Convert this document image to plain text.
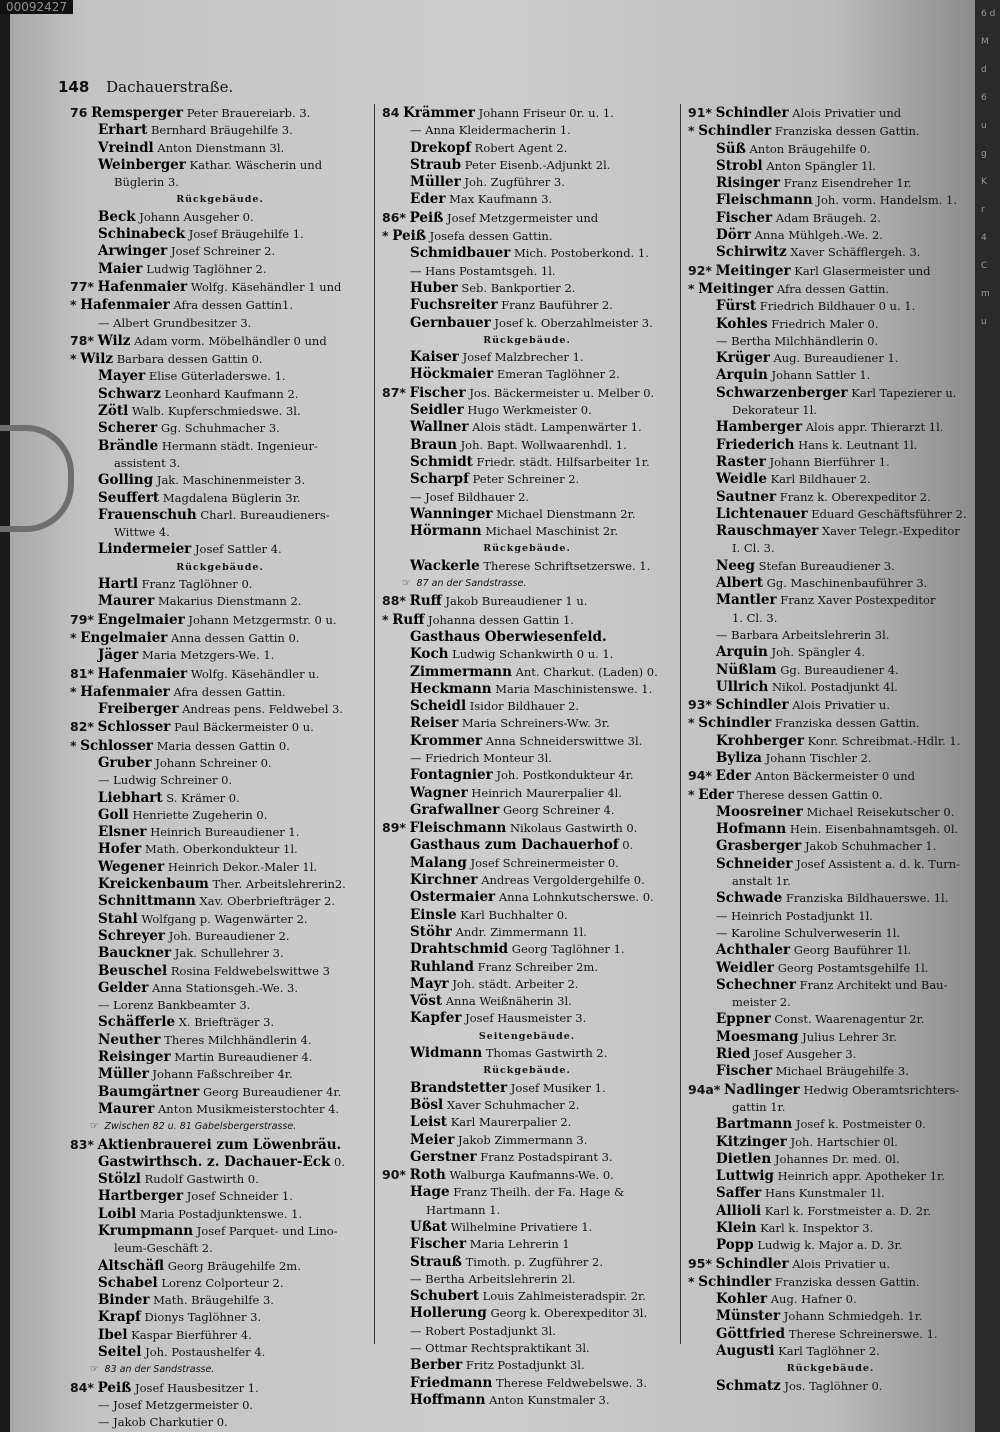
6 d
M
d
6
u
g
K
r
4
C
m
u
00092427
148 Dachauerstraße.
76 Remsperger Peter Brauereiarb. 3.
Erhart Bernhard Bräugehilfe 3.
Vreindl Anton Dienstmann 3l.
Weinberger Kathar. Wäscherin und
Büglerin 3.
Rückgebäude.
Beck Johann Ausgeher 0.
Schinabeck Josef Bräugehilfe 1.
Arwinger Josef Schreiner 2.
Maier Ludwig Taglöhner 2.
77* Hafenmaier Wolfg. Käsehändler 1 und
* Hafenmaier Afra dessen Gattin1.
— Albert Grundbesitzer 3.
78* Wilz Adam vorm. Möbelhändler 0 und
* Wilz Barbara dessen Gattin 0.
Mayer Elise Güterladerswe. 1.
Schwarz Leonhard Kaufmann 2.
Zötl Walb. Kupferschmiedswe. 3l.
Scherer Gg. Schuhmacher 3.
Brändle Hermann städt. Ingenieur-
assistent 3.
Golling Jak. Maschinenmeister 3.
Seuffert Magdalena Büglerin 3r.
Frauenschuh Charl. Bureaudieners-
Wittwe 4.
Lindermeier Josef Sattler 4.
Rückgebäude.
Hartl Franz Taglöhner 0.
Maurer Makarius Dienstmann 2.
79* Engelmaier Johann Metzgermstr. 0 u.
* Engelmaier Anna dessen Gattin 0.
Jäger Maria Metzgers-We. 1.
81* Hafenmaier Wolfg. Käsehändler u.
* Hafenmaier Afra dessen Gattin.
Freiberger Andreas pens. Feldwebel 3.
82* Schlosser Paul Bäckermeister 0 u.
* Schlosser Maria dessen Gattin 0.
Gruber Johann Schreiner 0.
— Ludwig Schreiner 0.
Liebhart S. Krämer 0.
Goll Henriette Zugeherin 0.
Elsner Heinrich Bureaudiener 1.
Hofer Math. Oberkondukteur 1l.
Wegener Heinrich Dekor.-Maler 1l.
Kreickenbaum Ther. Arbeitslehrerin2.
Schnittmann Xav. Oberbriefträger 2.
Stahl Wolfgang p. Wagenwärter 2.
Schreyer Joh. Bureaudiener 2.
Bauckner Jak. Schullehrer 3.
Beuschel Rosina Feldwebelswittwe 3
Gelder Anna Stationsgeh.-We. 3.
— Lorenz Bankbeamter 3.
Schäfferle X. Briefträger 3.
Neuther Theres Milchhändlerin 4.
Reisinger Martin Bureaudiener 4.
Müller Johann Faßschreiber 4r.
Baumgärtner Georg Bureaudiener 4r.
Maurer Anton Musikmeisterstochter 4.
☞ Zwischen 82 u. 81 Gabelsbergerstrasse.
83* Aktienbrauerei zum Löwenbräu.
Gastwirthsch. z. Dachauer-Eck 0.
Stölzl Rudolf Gastwirth 0.
Hartberger Josef Schneider 1.
Loibl Maria Postadjunktenswe. 1.
Krumpmann Josef Parquet- und Lino-
leum-Geschäft 2.
Altschäfl Georg Bräugehilfe 2m.
Schabel Lorenz Colporteur 2.
Binder Math. Bräugehilfe 3.
Krapf Dionys Taglöhner 3.
Ibel Kaspar Bierführer 4.
Seitel Joh. Postaushelfer 4.
☞ 83 an der Sandstrasse.
84* Peiß Josef Hausbesitzer 1.
— Josef Metzgermeister 0.
— Jakob Charkutier 0.
84 Krämmer Johann Friseur 0r. u. 1.
— Anna Kleidermacherin 1.
Drekopf Robert Agent 2.
Straub Peter Eisenb.-Adjunkt 2l.
Müller Joh. Zugführer 3.
Eder Max Kaufmann 3.
86* Peiß Josef Metzgermeister und
* Peiß Josefa dessen Gattin.
Schmidbauer Mich. Postoberkond. 1.
— Hans Postamtsgeh. 1l.
Huber Seb. Bankportier 2.
Fuchsreiter Franz Bauführer 2.
Gernbauer Josef k. Oberzahlmeister 3.
Rückgebäude.
Kaiser Josef Malzbrecher 1.
Höckmaier Emeran Taglöhner 2.
87* Fischer Jos. Bäckermeister u. Melber 0.
Seidler Hugo Werkmeister 0.
Wallner Alois städt. Lampenwärter 1.
Braun Joh. Bapt. Wollwaarenhdl. 1.
Schmidt Friedr. städt. Hilfsarbeiter 1r.
Scharpf Peter Schreiner 2.
— Josef Bildhauer 2.
Wanninger Michael Dienstmann 2r.
Hörmann Michael Maschinist 2r.
Rückgebäude.
Wackerle Therese Schriftsetzerswe. 1.
☞ 87 an der Sandstrasse.
88* Ruff Jakob Bureaudiener 1 u.
* Ruff Johanna dessen Gattin 1.
Gasthaus Oberwiesenfeld.
Koch Ludwig Schankwirth 0 u. 1.
Zimmermann Ant. Charkut. (Laden) 0.
Heckmann Maria Maschinistenswe. 1.
Scheidl Isidor Bildhauer 2.
Reiser Maria Schreiners-Ww. 3r.
Krommer Anna Schneiderswittwe 3l.
— Friedrich Monteur 3l.
Fontagnier Joh. Postkondukteur 4r.
Wagner Heinrich Maurerpalier 4l.
Grafwallner Georg Schreiner 4.
89* Fleischmann Nikolaus Gastwirth 0.
Gasthaus zum Dachauerhof 0.
Malang Josef Schreinermeister 0.
Kirchner Andreas Vergoldergehilfe 0.
Ostermaier Anna Lohnkutscherswe. 0.
Einsle Karl Buchhalter 0.
Stöhr Andr. Zimmermann 1l.
Drahtschmid Georg Taglöhner 1.
Ruhland Franz Schreiber 2m.
Mayr Joh. städt. Arbeiter 2.
Vöst Anna Weißnäherin 3l.
Kapfer Josef Hausmeister 3.
Seitengebäude.
Widmann Thomas Gastwirth 2.
Rückgebäude.
Brandstetter Josef Musiker 1.
Bösl Xaver Schuhmacher 2.
Leist Karl Maurerpalier 2.
Meier Jakob Zimmermann 3.
Gerstner Franz Postadspirant 3.
90* Roth Walburga Kaufmanns-We. 0.
Hage Franz Theilh. der Fa. Hage &
Hartmann 1.
Ußat Wilhelmine Privatiere 1.
Fischer Maria Lehrerin 1
Strauß Timoth. p. Zugführer 2.
— Bertha Arbeitslehrerin 2l.
Schubert Louis Zahlmeisteradspir. 2r.
Hollerung Georg k. Oberexpeditor 3l.
— Robert Postadjunkt 3l.
— Ottmar Rechtspraktikant 3l.
Berber Fritz Postadjunkt 3l.
Friedmann Therese Feldwebelswe. 3.
Hoffmann Anton Kunstmaler 3.
91* Schindler Alois Privatier und
* Schindler Franziska dessen Gattin.
Süß Anton Bräugehilfe 0.
Strobl Anton Spängler 1l.
Risinger Franz Eisendreher 1r.
Fleischmann Joh. vorm. Handelsm. 1.
Fischer Adam Bräugeh. 2.
Dörr Anna Mühlgeh.-We. 2.
Schirwitz Xaver Schäfflergeh. 3.
92* Meitinger Karl Glasermeister und
* Meitinger Afra dessen Gattin.
Fürst Friedrich Bildhauer 0 u. 1.
Kohles Friedrich Maler 0.
— Bertha Milchhändlerin 0.
Krüger Aug. Bureaudiener 1.
Arquin Johann Sattler 1.
Schwarzenberger Karl Tapezierer u.
Dekorateur 1l.
Hamberger Alois appr. Thierarzt 1l.
Friederich Hans k. Leutnant 1l.
Raster Johann Bierführer 1.
Weidle Karl Bildhauer 2.
Sautner Franz k. Oberexpeditor 2.
Lichtenauer Eduard Geschäftsführer 2.
Rauschmayer Xaver Telegr.-Expeditor
I. Cl. 3.
Neeg Stefan Bureaudiener 3.
Albert Gg. Maschinenbauführer 3.
Mantler Franz Xaver Postexpeditor
1. Cl. 3.
— Barbara Arbeitslehrerin 3l.
Arquin Joh. Spängler 4.
Nüßlam Gg. Bureaudiener 4.
Ullrich Nikol. Postadjunkt 4l.
93* Schindler Alois Privatier u.
* Schindler Franziska dessen Gattin.
Krohberger Konr. Schreibmat.-Hdlr. 1.
Byliza Johann Tischler 2.
94* Eder Anton Bäckermeister 0 und
* Eder Therese dessen Gattin 0.
Moosreiner Michael Reisekutscher 0.
Hofmann Hein. Eisenbahnamtsgeh. 0l.
Grasberger Jakob Schuhmacher 1.
Schneider Josef Assistent a. d. k. Turn-
anstalt 1r.
Schwade Franziska Bildhauerswe. 1l.
— Heinrich Postadjunkt 1l.
— Karoline Schulverweserin 1l.
Achthaler Georg Bauführer 1l.
Weidler Georg Postamtsgehilfe 1l.
Schechner Franz Architekt und Bau-
meister 2.
Eppner Const. Waarenagentur 2r.
Moesmang Julius Lehrer 3r.
Ried Josef Ausgeher 3.
Fischer Michael Bräugehilfe 3.
94a* Nadlinger Hedwig Oberamtsrichters-
gattin 1r.
Bartmann Josef k. Postmeister 0.
Kitzinger Joh. Hartschier 0l.
Dietlen Johannes Dr. med. 0l.
Luttwig Heinrich appr. Apotheker 1r.
Saffer Hans Kunstmaler 1l.
Allioli Karl k. Forstmeister a. D. 2r.
Klein Karl k. Inspektor 3.
Popp Ludwig k. Major a. D. 3r.
95* Schindler Alois Privatier u.
* Schindler Franziska dessen Gattin.
Kohler Aug. Hafner 0.
Münster Johann Schmiedgeh. 1r.
Göttfried Therese Schreinerswe. 1.
Augusti Karl Taglöhner 2.
Rückgebäude.
Schmatz Jos. Taglöhner 0.
